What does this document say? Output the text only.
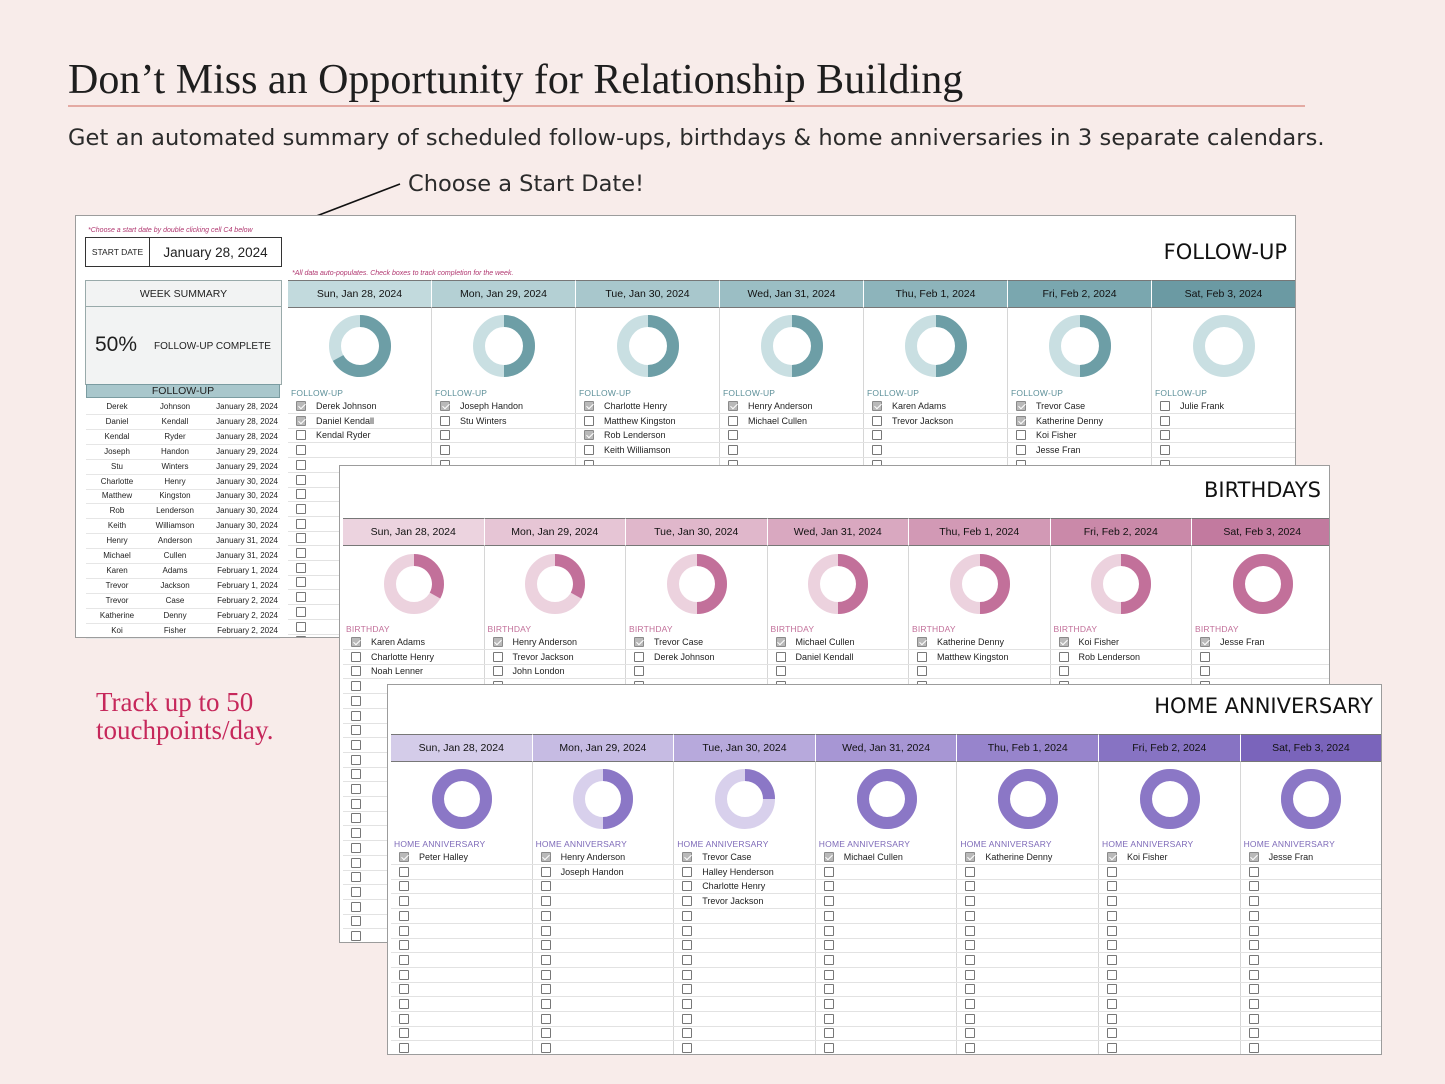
Don’t Miss an Opportunity for Relationship Building
Get an automated summary of scheduled follow-ups, birthdays & home anniversaries in 3 separate calendars.
Choose a Start Date!
Track up to 50 touchpoints/day.
*Choose a start date by double clicking cell C4 below
START DATE	January 28, 2024
*All data auto-populates. Check boxes to track completion for the week.
FOLLOW-UP
WEEK SUMMARY
50% FOLLOW-UP COMPLETE
Sun, Jan 28, 2024
FOLLOW-UP
Derek Johnson
Daniel Kendall
Kendal Ryder
Mon, Jan 29, 2024
FOLLOW-UP
Joseph Handon
Stu Winters
Tue, Jan 30, 2024
FOLLOW-UP
Charlotte Henry
Matthew Kingston
Rob Lenderson
Keith Williamson
Wed, Jan 31, 2024
FOLLOW-UP
Henry Anderson
Michael Cullen
Thu, Feb 1, 2024
FOLLOW-UP
Karen Adams
Trevor Jackson
Fri, Feb 2, 2024
FOLLOW-UP
Trevor Case
Katherine Denny
Koi Fisher
Jesse Fran
Sat, Feb 3, 2024
FOLLOW-UP
Julie Frank
FOLLOW-UP
Derek	Johnson	January 28, 2024
Daniel	Kendall	January 28, 2024
Kendal	Ryder	January 28, 2024
Joseph	Handon	January 29, 2024
Stu	Winters	January 29, 2024
Charlotte	Henry	January 30, 2024
Matthew	Kingston	January 30, 2024
Rob	Lenderson	January 30, 2024
Keith	Williamson	January 30, 2024
Henry	Anderson	January 31, 2024
Michael	Cullen	January 31, 2024
Karen	Adams	February 1, 2024
Trevor	Jackson	February 1, 2024
Trevor	Case	February 2, 2024
Katherine	Denny	February 2, 2024
Koi	Fisher	February 2, 2024
BIRTHDAYS
Sun, Jan 28, 2024
BIRTHDAY
Karen Adams
Charlotte Henry
Noah Lenner
Mon, Jan 29, 2024
BIRTHDAY
Henry Anderson
Trevor Jackson
John London
Tue, Jan 30, 2024
BIRTHDAY
Trevor Case
Derek Johnson
Wed, Jan 31, 2024
BIRTHDAY
Michael Cullen
Daniel Kendall
Thu, Feb 1, 2024
BIRTHDAY
Katherine Denny
Matthew Kingston
Fri, Feb 2, 2024
BIRTHDAY
Koi Fisher
Rob Lenderson
Sat, Feb 3, 2024
BIRTHDAY
Jesse Fran
HOME ANNIVERSARY
Sun, Jan 28, 2024
HOME ANNIVERSARY
Peter Halley
Mon, Jan 29, 2024
HOME ANNIVERSARY
Henry Anderson
Joseph Handon
Tue, Jan 30, 2024
HOME ANNIVERSARY
Trevor Case
Halley Henderson
Charlotte Henry
Trevor Jackson
Wed, Jan 31, 2024
HOME ANNIVERSARY
Michael Cullen
Thu, Feb 1, 2024
HOME ANNIVERSARY
Katherine Denny
Fri, Feb 2, 2024
HOME ANNIVERSARY
Koi Fisher
Sat, Feb 3, 2024
HOME ANNIVERSARY
Jesse Fran
